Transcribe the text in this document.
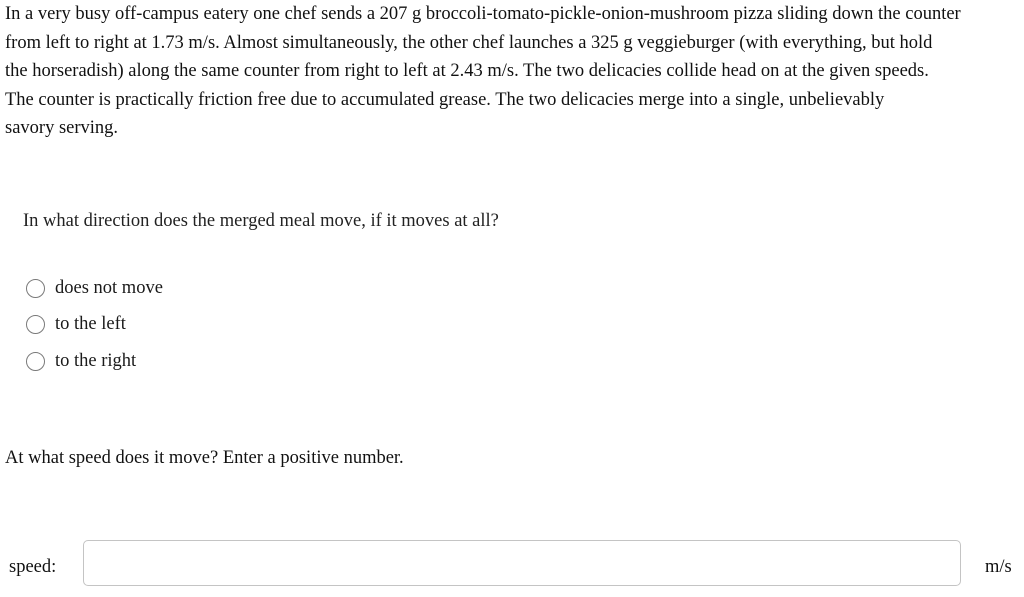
In a very busy off-campus eatery one chef sends a 207 g broccoli-tomato-pickle-onion-mushroom pizza sliding down the counter
from left to right at 1.73 m/s. Almost simultaneously, the other chef launches a 325 g veggieburger (with everything, but hold
the horseradish) along the same counter from right to left at 2.43 m/s. The two delicacies collide head on at the given speeds.
The counter is practically friction free due to accumulated grease. The two delicacies merge into a single, unbelievably
savory serving.
In what direction does the merged meal move, if it moves at all?
does not move
to the left
to the right
At what speed does it move? Enter a positive number.
speed:	m/s
